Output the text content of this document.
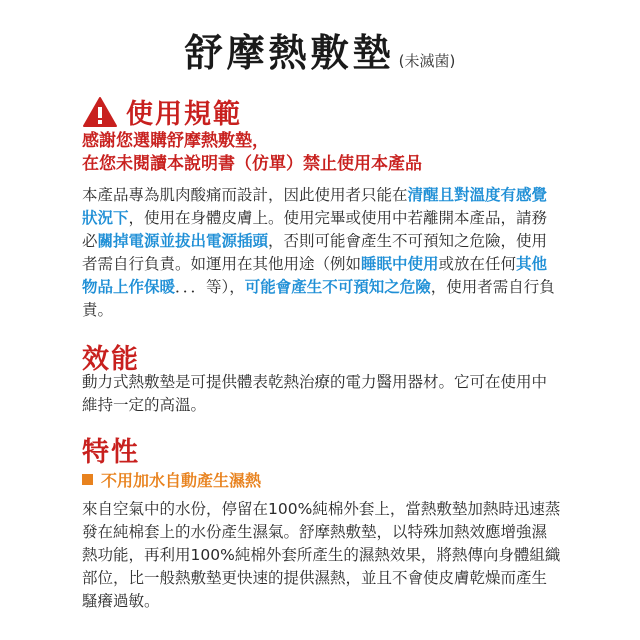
舒摩熱敷墊 (未滅菌)
使用規範
感謝您選購舒摩熱敷墊，
在您未閱讀本說明書（仿單）禁止使用本產品
本產品專為肌肉酸痛而設計，因此使用者只能在清醒且對溫度有感覺狀況下，使用在身體皮膚上。使用完畢或使用中若離開本產品，請務必關掉電源並拔出電源插頭，否則可能會產生不可預知之危險，使用者需自行負責。如運用在其他用途（例如睡眠中使用或放在任何其他物品上作保暖．．．等），可能會產生不可預知之危險，使用者需自行負責。
效能
動力式熱敷墊是可提供體表乾熱治療的電力醫用器材。它可在使用中維持一定的高溫。
特性
不用加水自動產生濕熱
來自空氣中的水份，停留在100%純棉外套上，當熱敷墊加熱時迅速蒸發在純棉套上的水份產生濕氣。舒摩熱敷墊，以特殊加熱效應增強濕熱功能，再利用100%純棉外套所產生的濕熱效果，將熱傳向身體組織部位，比一般熱敷墊更快速的提供濕熱，並且不會使皮膚乾燥而產生騷癢過敏。
